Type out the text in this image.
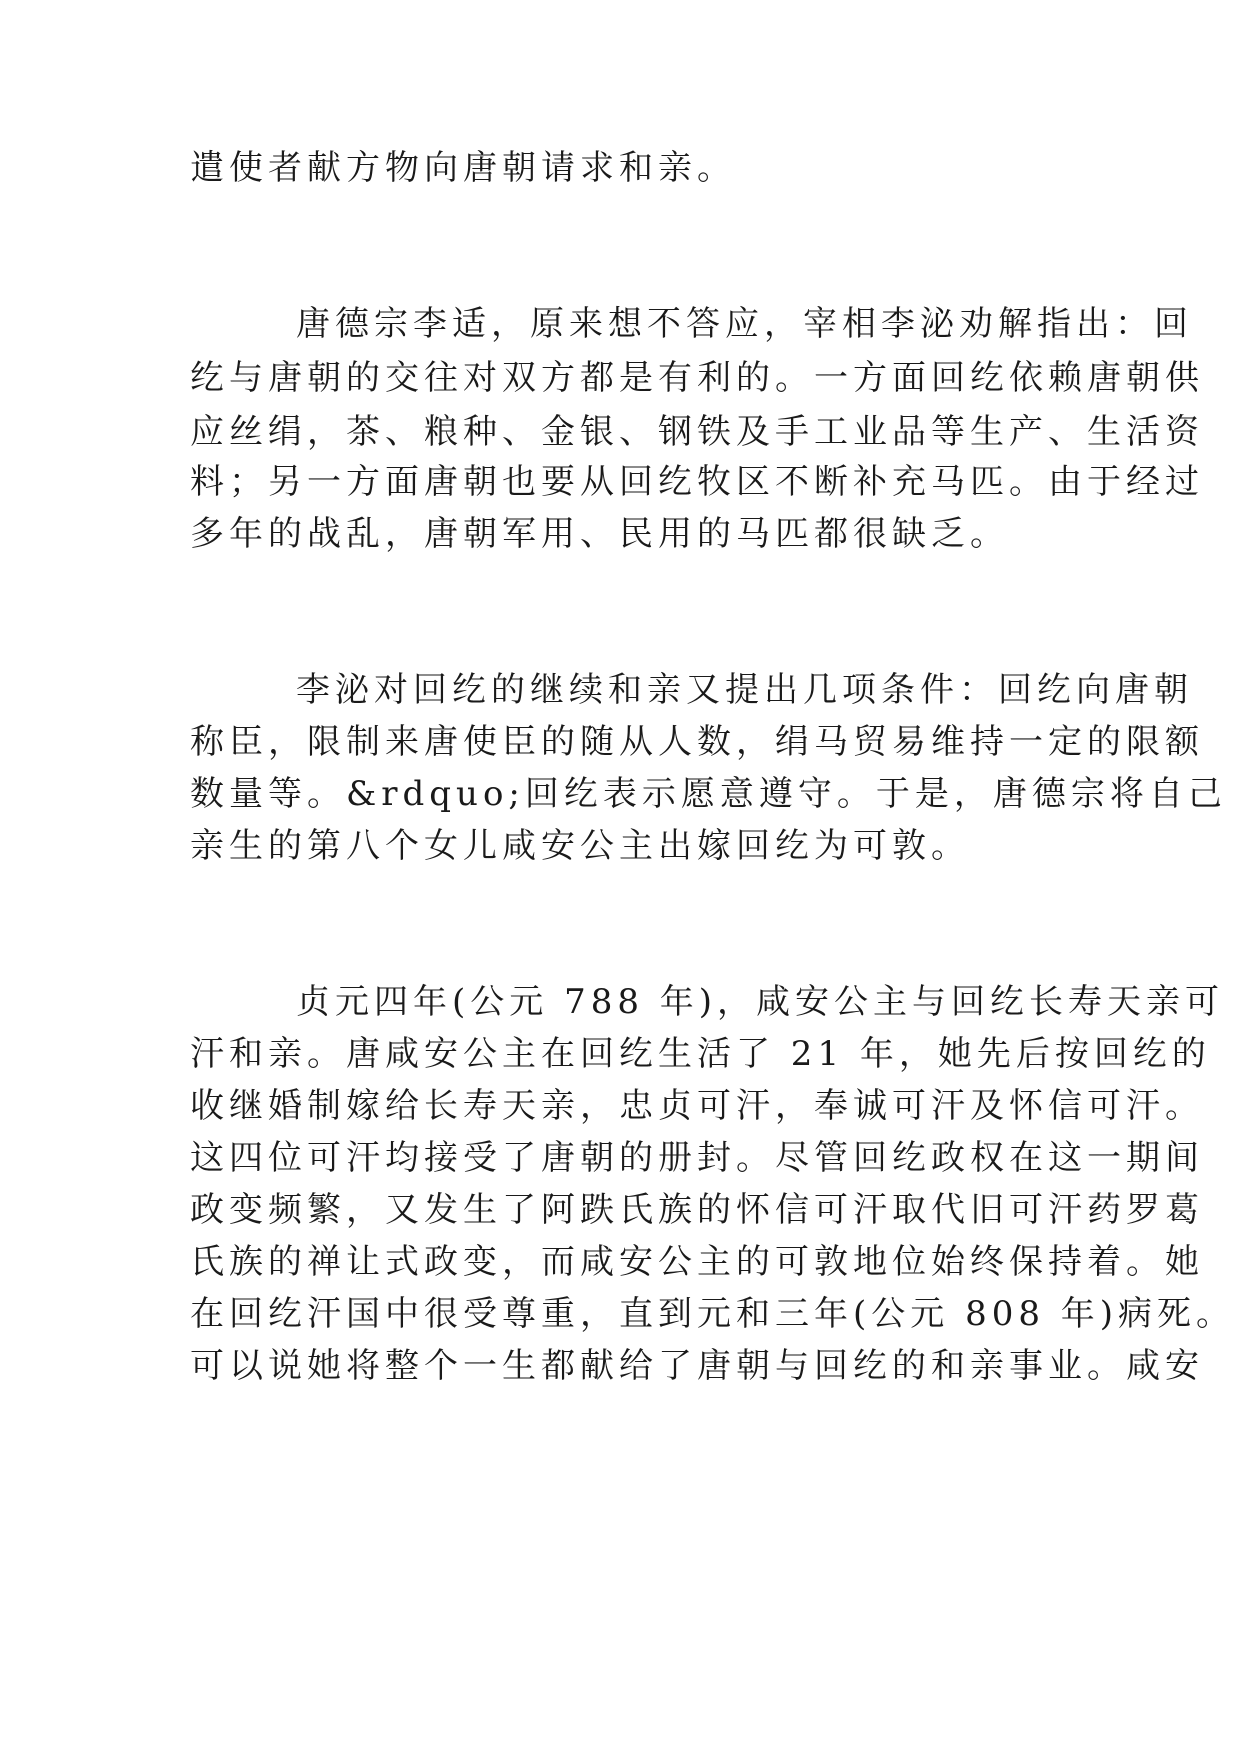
遣使者献方物向唐朝请求和亲。
唐德宗李适，原来想不答应，宰相李泌劝解指出：回
纥与唐朝的交往对双方都是有利的。一方面回纥依赖唐朝供
应丝绢，茶、粮种、金银、钢铁及手工业品等生产、生活资
料；另一方面唐朝也要从回纥牧区不断补充马匹。由于经过
多年的战乱，唐朝军用、民用的马匹都很缺乏。
李泌对回纥的继续和亲又提出几项条件：回纥向唐朝
称臣，限制来唐使臣的随从人数，绢马贸易维持一定的限额
数量等。&rdquo;回纥表示愿意遵守。于是，唐德宗将自己
亲生的第八个女儿咸安公主出嫁回纥为可敦。
贞元四年(公元 788 年)，咸安公主与回纥长寿天亲可
汗和亲。唐咸安公主在回纥生活了 21 年，她先后按回纥的
收继婚制嫁给长寿天亲，忠贞可汗，奉诚可汗及怀信可汗。
这四位可汗均接受了唐朝的册封。尽管回纥政权在这一期间
政变频繁，又发生了阿跌氏族的怀信可汗取代旧可汗药罗葛
氏族的禅让式政变，而咸安公主的可敦地位始终保持着。她
在回纥汗国中很受尊重，直到元和三年(公元 808 年)病死。
可以说她将整个一生都献给了唐朝与回纥的和亲事业。咸安
